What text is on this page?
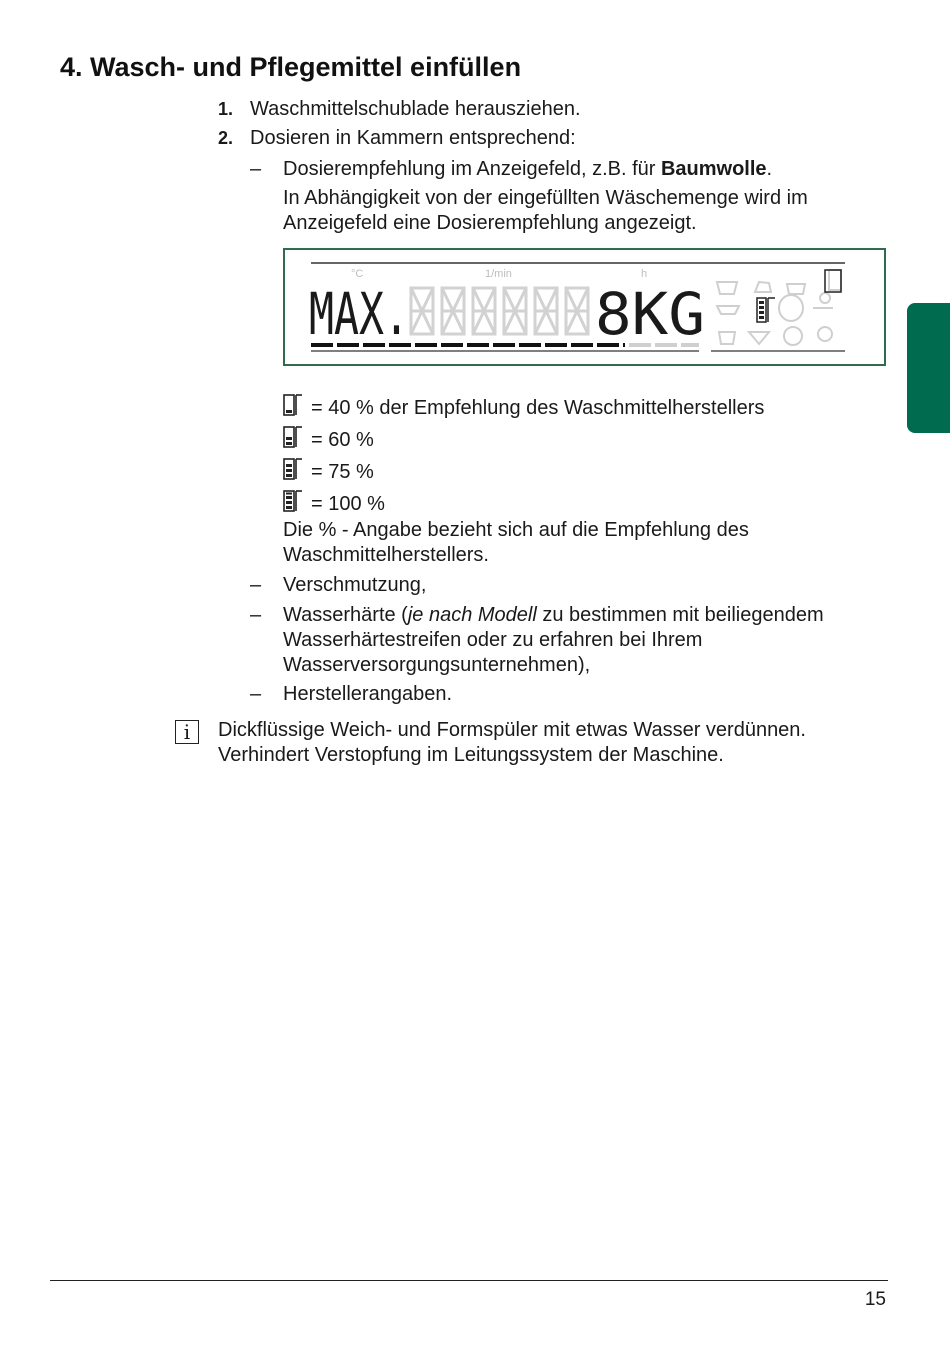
4. Wasch- und Pflegemittel einfüllen
1. Waschmittelschublade herausziehen.
2. Dosieren in Kammern entsprechend:
– Dosierempfehlung im Anzeigefeld, z.B. für Baumwolle.
In Abhängigkeit von der eingefüllten Wäschemenge wird im Anzeigefeld eine Dosierempfehlung angezeigt.
°C	1/min	h
MAX.	8KG
= 40 % der Empfehlung des Waschmittelherstellers
= 60 %
= 75 %
= 100 %
Die % - Angabe bezieht sich auf die Empfehlung des Waschmittelherstellers.
– Verschmutzung,
– Wasserhärte (je nach Modell zu bestimmen mit beiliegendem Wasserhärtestreifen oder zu erfahren bei Ihrem Wasserversorgungsunternehmen),
– Herstellerangaben.
i	Dickflüssige Weich- und Formspüler mit etwas Wasser verdünnen. Verhindert Verstopfung im Leitungssystem der Maschine.
15
